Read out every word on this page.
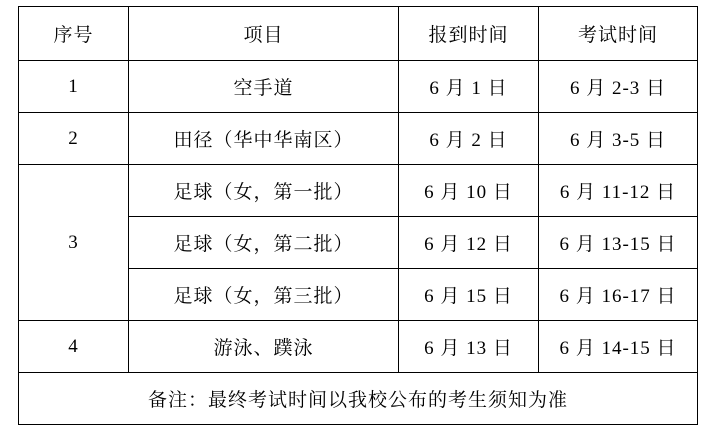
序号	项目	报到时间	考试时间
1	空手道	6 月 1 日	6 月 2-3 日
2	田径（华中华南区）	6 月 2 日	6 月 3-5 日
3	足球（女，第一批）	6 月 10 日	6 月 11-12 日
	足球（女，第二批）	6 月 12 日	6 月 13-15 日
	足球（女，第三批）	6 月 15 日	6 月 16-17 日
4	游泳、蹼泳	6 月 13 日	6 月 14-15 日
备注：最终考试时间以我校公布的考生须知为准			
